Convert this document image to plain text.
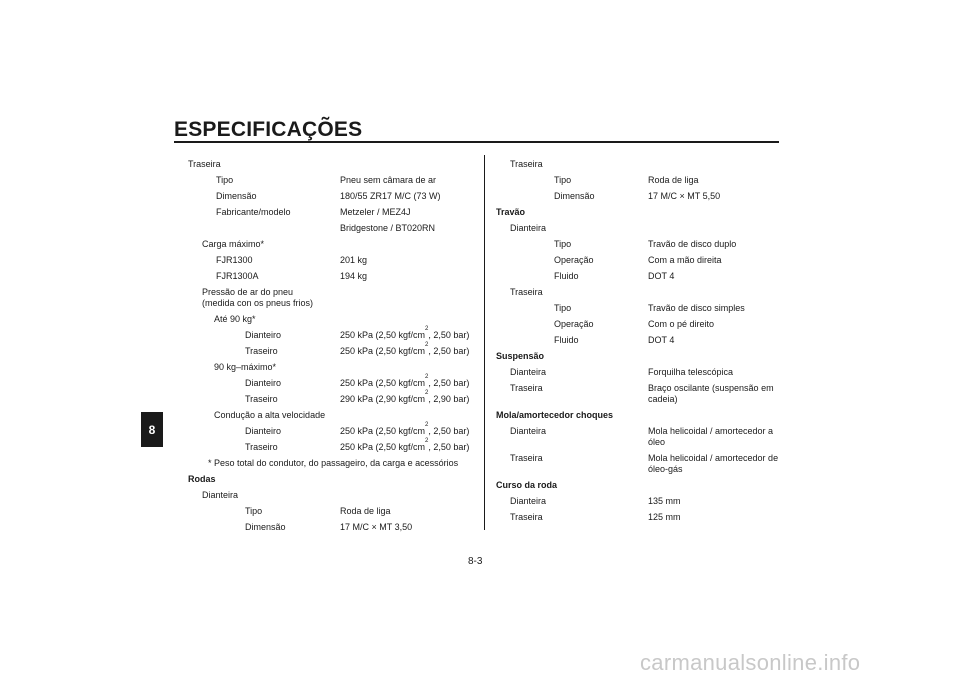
ESPECIFICAÇÕES
8
Traseira
Tipo	Pneu sem câmara de ar
Dimensão	180/55 ZR17 M/C (73 W)
Fabricante/modelo	Metzeler / MEZ4J
Bridgestone / BT020RN
Carga máximo*
FJR1300	201 kg
FJR1300A	194 kg
Pressão de ar do pneu
(medida con os pneus frios)
Até 90 kg*
Dianteiro	250 kPa (2,50 kgf/$cm^2$, 2,50 bar)
Traseiro	250 kPa (2,50 kgf/$cm^2$, 2,50 bar)
90 kg–máximo*
Dianteiro	250 kPa (2,50 kgf/$cm^2$, 2,50 bar)
Traseiro	290 kPa (2,90 kgf/$cm^2$, 2,90 bar)
Condução a alta velocidade
Dianteiro	250 kPa (2,50 kgf/$cm^2$, 2,50 bar)
Traseiro	250 kPa (2,50 kgf/$cm^2$, 2,50 bar)
* Peso total do condutor, do passageiro, da carga e acessórios
Rodas
Dianteira
Tipo	Roda de liga
Dimensão	17 M/C × MT 3,50
Traseira
Tipo	Roda de liga
Dimensão	17 M/C × MT 5,50
Travão
Dianteira
Tipo	Travão de disco duplo
Operação	Com a mão direita
Fluido	DOT 4
Traseira
Tipo	Travão de disco simples
Operação	Com o pé direito
Fluido	DOT 4
Suspensão
Dianteira	Forquilha telescópica
Traseira	Braço oscilante (suspensão em
cadeia)
Mola/amortecedor choques
Dianteira	Mola helicoidal / amortecedor a
óleo
Traseira	Mola helicoidal / amortecedor de
óleo-gás
Curso da roda
Dianteira	135 mm
Traseira	125 mm
8-3
carmanualsonline.info
